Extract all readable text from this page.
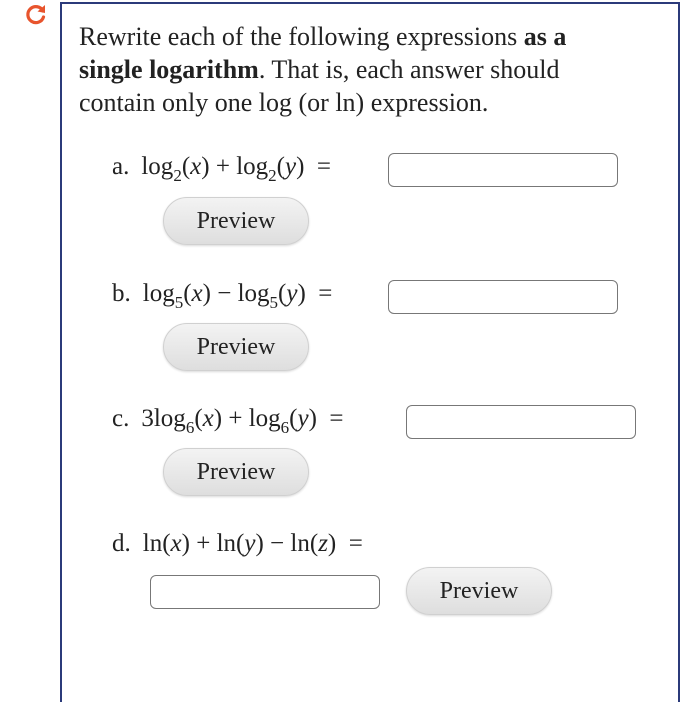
Rewrite each of the following expressions as a single logarithm. That is, each answer should contain only one log (or ln) expression.

a. $\log_2(x) + \log_2(y)$  =
Preview
b. $\log_5(x) - \log_5(y)$  =
Preview
c. $3\log_6(x) + \log_6(y)$  =
Preview
d. ln(x) + ln(y) − ln(z)  =
Preview
